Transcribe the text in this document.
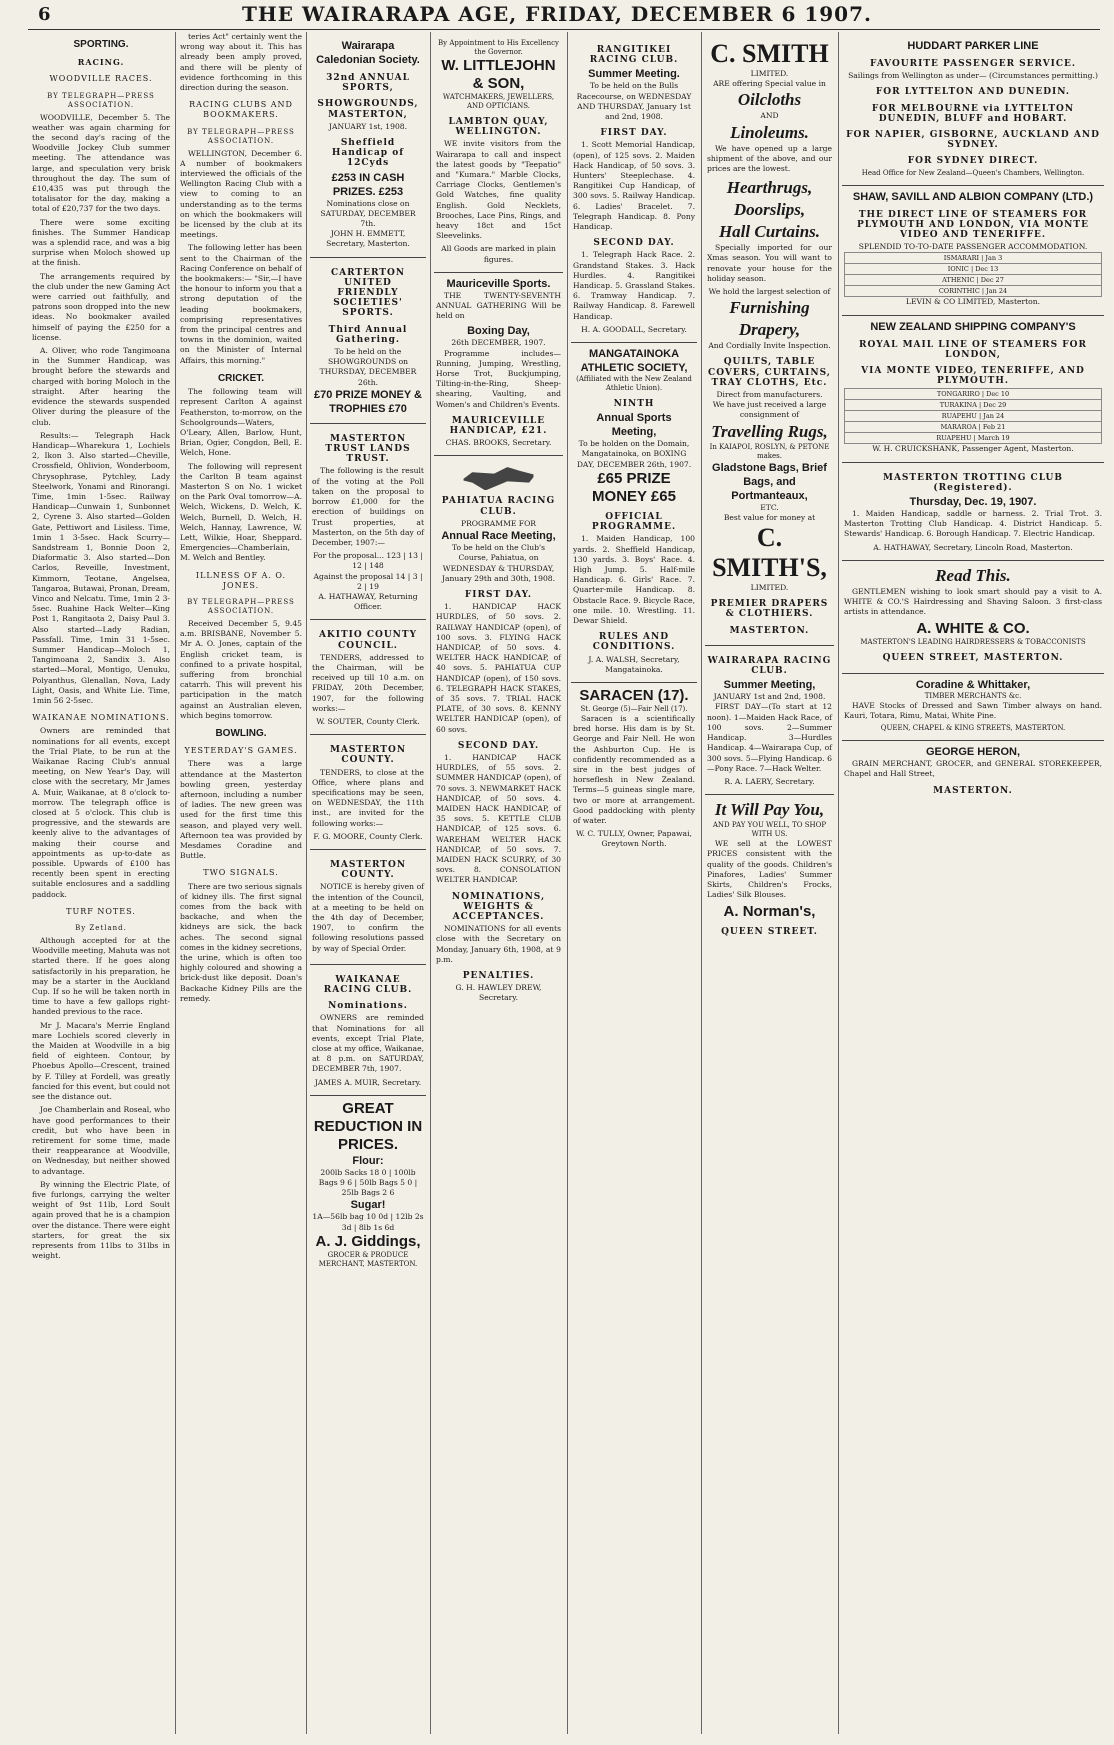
6	THE WAIRARAPA AGE, FRIDAY, DECEMBER 6 1907.
SPORTING.
RACING.
WOODVILLE RACES.
BY TELEGRAPH—PRESS ASSOCIATION.

WOODVILLE, December 5. The weather was again charming for the second day's racing of the Woodville Jockey Club summer meeting. The attendance was large, and speculation very brisk throughout the day. The sum of £10,435 was put through the totalisator for the day, making a total of £20,737 for the two days.

There were some exciting finishes. The Summer Handicap was a splendid race, and was a big surprise when Moloch showed up at the finish.

The arrangements required by the club under the new Gaming Act were carried out faithfully, and patrons soon dropped into the new ideas. No bookmaker availed himself of paying the £250 for a license.

A. Oliver, who rode Tangimoana in the Summer Handicap, was brought before the stewards and charged with boring Moloch in the straight. After hearing the evidence the stewards suspended Oliver during the pleasure of the club.

Results:— Telegraph Hack Handicap—Wharekura 1, Lochiels 2, Ikon 3. Also started—Cheville, Crossfield, Ohlivion, Wonderboom, Chrysophrase, Pytchley, Lady Steelwork, Yonami and Rinorangi. Time, 1min 1-5sec. Railway Handicap—Cunwain 1, Sunbonnet 2, Cyrene 3. Also started—Golden Gate, Pettiwort and Lisiless. Time, 1min 1 3-5sec. Hack Scurry—Sandstream 1, Bonnie Doon 2, Diaformatic 3. Also started—Don Carlos, Reveille, Investment, Kimmorn, Teotane, Angelsea, Tangaroa, Butawai, Pronan, Dream, Vinco and Nelcatu. Time, 1min 2 3-5sec. Ruahine Hack Welter—King Post 1, Rangitaota 2, Daisy Paul 3. Also started—Lady Radian, Passfall. Time, 1min 31 1-5sec. Summer Handicap—Moloch 1, Tangimoana 2, Sandix 3. Also started—Moral, Montigo, Uenuku, Polyanthus, Glenallan, Nova, Lady Light, Oasis, and White Lie. Time, 1min 56 2-5sec.

WAIKANAE NOMINATIONS.

Owners are reminded that nominations for all events, except the Trial Plate, to be run at the Waikanae Racing Club's annual meeting, on New Year's Day, will close with the secretary, Mr James A. Muir, Waikanae, at 8 o'clock to-morrow. The telegraph office is closed at 5 o'clock. This club is progressive, and the stewards are keenly alive to the advantages of making their course and appointments as up-to-date as possible. Upwards of £100 has recently been spent in erecting suitable enclosures and a saddling paddock.

TURF NOTES.
By Zetland.

Although accepted for at the Woodville meeting, Mahuta was not started there. If he goes along satisfactorily in his preparation, he may be a starter in the Auckland Cup. If so he will be taken north in time to have a few gallops right-handed previous to the race.

Mr J. Macara's Merrie England mare Lochiels scored cleverly in the Maiden at Woodville in a big field of eighteen. Contour, by Phoebus Apollo—Crescent, trained by F. Tilley at Fordell, was greatly fancied for this event, but could not see the distance out.

Joe Chamberlain and Roseal, who have good performances to their credit, but who have been in retirement for some time, made their reappearance at Woodville, on Wednesday, but neither showed to advantage.

By winning the Electric Plate, of five furlongs, carrying the welter weight of 9st 11lb, Lord Soult again proved that he is a champion over the distance. There were eight starters, for great the six represents from 11lbs to 31lbs in weight.

teries Act" certainly went the wrong way about it. This has already been amply proved, and there will be plenty of evidence forthcoming in this direction during the season.

RACING CLUBS AND BOOKMAKERS.
BY TELEGRAPH—PRESS ASSOCIATION.

WELLINGTON, December 6. A number of bookmakers interviewed the officials of the Wellington Racing Club with a view to coming to an understanding as to the terms on which the bookmakers will be licensed by the club at its meetings.

The following letter has been sent to the Chairman of the Racing Conference on behalf of the bookmakers:— "Sir,—I have the honour to inform you that a strong deputation of the leading bookmakers, comprising representatives from the principal centres and towns in the dominion, waited on the Minister of Internal Affairs, this morning."

CRICKET.

The following team will represent Carlton A against Featherston, to-morrow, on the Schoolgrounds—Waters, O'Leary, Allen, Barlow, Hunt, Brian, Ogier, Congdon, Bell, E. Welch, Hone.

The following will represent the Carlton B team against Masterton S on No. 1 wicket on the Park Oval tomorrow—A. Welch, Wickens, D. Welch, K. Welch, Burnell, D. Welch, H. Welch, Hannay, Lawrence, W. Lett, Wilkie, Hoar, Sheppard. Emergencies—Chamberlain, M. Welch and Bentley.

ILLNESS OF A. O. JONES.
BY TELEGRAPH—PRESS ASSOCIATION.

Received December 5, 9.45 a.m. BRISBANE, November 5. Mr A. O. Jones, captain of the English cricket team, is confined to a private hospital, suffering from bronchial catarrh. This will prevent his participation in the match against an Australian eleven, which begins tomorrow.

BOWLING.
YESTERDAY'S GAMES.

There was a large attendance at the Masterton bowling green, yesterday afternoon, including a number of ladies. The new green was used for the first time this season, and played very well. Afternoon tea was provided by Mesdames Coradine and Buttle.

TWO SIGNALS.

There are two serious signals of kidney ills. The first signal comes from the back with backache, and when the kidneys are sick, the back aches. The second signal comes in the kidney secretions, the urine, which is often too highly coloured and showing a brick-dust like deposit. Doan's Backache Kidney Pills are the remedy.

Wairarapa Caledonian Society.
32nd ANNUAL SPORTS,
SHOWGROUNDS, MASTERTON,
JANUARY 1st, 1908.
Sheffield Handicap of 12Cyds
£253 IN CASH PRIZES. £253
Nominations close on SATURDAY, DECEMBER 7th.
JOHN H. EMMETT, Secretary, Masterton.
CARTERTON UNITED FRIENDLY SOCIETIES' SPORTS.
Third Annual Gathering.
To be held on the SHOWGROUNDS on THURSDAY, DECEMBER 26th.
£70 PRIZE MONEY & TROPHIES £70
MASTERTON TRUST LANDS TRUST.

The following is the result of the voting at the Poll taken on the proposal to borrow £1,000 for the erection of buildings on Trust properties, at Masterton, on the 5th day of December, 1907:—

For the proposal... 123 | 13 | 12 | 148
Against the proposal 14 | 3 | 2 | 19
A. HATHAWAY, Returning Officer.
AKITIO COUNTY COUNCIL.

TENDERS, addressed to the Chairman, will be received up till 10 a.m. on FRIDAY, 20th December, 1907, for the following works:—

W. SOUTER, County Clerk.
MASTERTON COUNTY.

TENDERS, to close at the Office, where plans and specifications may be seen, on WEDNESDAY, the 11th inst., are invited for the following works:—

F. G. MOORE, County Clerk.
MASTERTON COUNTY.

NOTICE is hereby given of the intention of the Council, at a meeting to be held on the 4th day of December, 1907, to confirm the following resolutions passed by way of Special Order.

WAIKANAE RACING CLUB.
Nominations.

OWNERS are reminded that Nominations for all events, except Trial Plate, close at my office, Waikanae, at 8 p.m. on SATURDAY, DECEMBER 7th, 1907.

JAMES A. MUIR, Secretary.
GREAT REDUCTION IN PRICES.
Flour:
200lb Sacks 18 0 | 100lb Bags 9 6 | 50lb Bags 5 0 | 25lb Bags 2 6
Sugar!
1A—56lb bag 10 0d | 12lb 2s 3d | 8lb 1s 6d
A. J. Giddings,
GROCER & PRODUCE MERCHANT, MASTERTON.
By Appointment to His Excellency the Governor.
W. LITTLEJOHN & SON,
WATCHMAKERS, JEWELLERS, AND OPTICIANS.
LAMBTON QUAY, WELLINGTON.

WE invite visitors from the Wairarapa to call and inspect the latest goods by "Teepatio" and "Kumara." Marble Clocks, Carriage Clocks, Gentlemen's Gold Watches, fine quality English. Gold Necklets, Brooches, Lace Pins, Rings, and heavy 18ct and 15ct Sleevelinks.

All Goods are marked in plain figures.
Mauriceville Sports.

THE TWENTY-SEVENTH ANNUAL GATHERING Will be held on

Boxing Day,
26th DECEMBER, 1907.

Programme includes— Running, Jumping, Wrestling, Horse Trot, Buckjumping, Tilting-in-the-Ring, Sheep-shearing, Vaulting, and Women's and Children's Events.

MAURICEVILLE HANDICAP, £21.
CHAS. BROOKS, Secretary.
PAHIATUA RACING CLUB.
PROGRAMME FOR
Annual Race Meeting,
To be held on the Club's Course, Pahiatua, on WEDNESDAY & THURSDAY, January 29th and 30th, 1908.
FIRST DAY.

1. HANDICAP HACK HURDLES, of 50 sovs. 2. RAILWAY HANDICAP (open), of 100 sovs. 3. FLYING HACK HANDICAP, of 50 sovs. 4. WELTER HACK HANDICAP, of 40 sovs. 5. PAHIATUA CUP HANDICAP (open), of 150 sovs. 6. TELEGRAPH HACK STAKES, of 35 sovs. 7. TRIAL HACK PLATE, of 30 sovs. 8. KENNY WELTER HANDICAP (open), of 60 sovs.

SECOND DAY.

1. HANDICAP HACK HURDLES, of 55 sovs. 2. SUMMER HANDICAP (open), of 70 sovs. 3. NEWMARKET HACK HANDICAP, of 50 sovs. 4. MAIDEN HACK HANDICAP, of 35 sovs. 5. KETTLE CLUB HANDICAP, of 125 sovs. 6. WAREHAM WELTER HACK HANDICAP, of 50 sovs. 7. MAIDEN HACK SCURRY, of 30 sovs. 8. CONSOLATION WELTER HANDICAP.

NOMINATIONS, WEIGHTS & ACCEPTANCES.

NOMINATIONS for all events close with the Secretary on Monday, January 6th, 1908, at 9 p.m.

PENALTIES.
G. H. HAWLEY DREW, Secretary.
RANGITIKEI RACING CLUB.
Summer Meeting.
To be held on the Bulls Racecourse, on WEDNESDAY AND THURSDAY, January 1st and 2nd, 1908.
FIRST DAY.

1. Scott Memorial Handicap, (open), of 125 sovs. 2. Maiden Hack Handicap, of 50 sovs. 3. Hunters' Steeplechase. 4. Rangitikei Cup Handicap, of 300 sovs. 5. Railway Handicap. 6. Ladies' Bracelet. 7. Telegraph Handicap. 8. Pony Handicap.

SECOND DAY.

1. Telegraph Hack Race. 2. Grandstand Stakes. 3. Hack Hurdles. 4. Rangitikei Handicap. 5. Grassland Stakes. 6. Tramway Handicap. 7. Railway Handicap. 8. Farewell Handicap.

H. A. GOODALL, Secretary.
MANGATAINOKA ATHLETIC SOCIETY,
(Affiliated with the New Zealand Athletic Union).
NINTH
Annual Sports Meeting,
To be holden on the Domain, Mangatainoka, on BOXING DAY, DECEMBER 26th, 1907.
£65 PRIZE MONEY £65
OFFICIAL PROGRAMME.

1. Maiden Handicap, 100 yards. 2. Sheffield Handicap, 130 yards. 3. Boys' Race. 4. High Jump. 5. Half-mile Handicap. 6. Girls' Race. 7. Quarter-mile Handicap. 8. Obstacle Race. 9. Bicycle Race, one mile. 10. Wrestling. 11. Dewar Shield.

RULES AND CONDITIONS.
J. A. WALSH, Secretary, Mangatainoka.
SARACEN (17).
St. George (5)—Fair Nell (17).

Saracen is a scientifically bred horse. His dam is by St. George and Fair Nell. He won the Ashburton Cup. He is confidently recommended as a sire in the best judges of horseflesh in New Zealand. Terms—5 guineas single mare, two or more at arrangement. Good paddocking with plenty of water.

W. C. TULLY, Owner, Papawai, Greytown North.
C. SMITH
LIMITED.
ARE offering Special value in
Oilcloths
AND
Linoleums.

We have opened up a large shipment of the above, and our prices are the lowest.

Hearthrugs,
Doorslips,
Hall Curtains.

Specially imported for our Xmas season. You will want to renovate your house for the holiday season.

We hold the largest selection of
Furnishing
Drapery,
And Cordially Invite Inspection.
QUILTS, TABLE COVERS, CURTAINS, TRAY CLOTHS, Etc.
Direct from manufacturers.
We have just received a large consignment of
Travelling Rugs,
In KAIAPOI, ROSLYN, & PETONE makes.
Gladstone Bags, Brief Bags, and Portmanteaux,
ETC.
Best value for money at
C. SMITH'S,
LIMITED.
PREMIER DRAPERS & CLOTHIERS.
MASTERTON.
WAIRARAPA RACING CLUB.
Summer Meeting,
JANUARY 1st and 2nd, 1908.

FIRST DAY—(To start at 12 noon). 1—Maiden Hack Race, of 100 sovs. 2—Summer Handicap. 3—Hurdles Handicap. 4—Wairarapa Cup, of 300 sovs. 5—Flying Handicap. 6—Pony Race. 7—Hack Welter.

R. A. LAERY, Secretary.
It Will Pay You,
AND PAY YOU WELL, TO SHOP WITH US.

WE sell at the LOWEST PRICES consistent with the quality of the goods. Children's Pinafores, Ladies' Summer Skirts, Children's Frocks, Ladies' Silk Blouses.

A. Norman's,
QUEEN STREET.
HUDDART PARKER LINE
FAVOURITE PASSENGER SERVICE.
Sailings from Wellington as under— (Circumstances permitting.)
FOR LYTTELTON AND DUNEDIN.
FOR MELBOURNE via LYTTELTON DUNEDIN, BLUFF and HOBART.
FOR NAPIER, GISBORNE, AUCKLAND AND SYDNEY.
FOR SYDNEY DIRECT.
Head Office for New Zealand—Queen's Chambers, Wellington.
SHAW, SAVILL AND ALBION COMPANY (LTD.)
THE DIRECT LINE OF STEAMERS FOR PLYMOUTH AND LONDON, VIA MONTE VIDEO AND TENERIFFE.
SPLENDID TO-TO-DATE PASSENGER ACCOMMODATION.
ISMARARI | Jan 3
IONIC | Dec 13
ATHENIC | Dec 27
CORINTHIC | Jan 24
LEVIN & CO LIMITED, Masterton.
NEW ZEALAND SHIPPING COMPANY'S
ROYAL MAIL LINE OF STEAMERS FOR LONDON,
VIA MONTE VIDEO, TENERIFFE, AND PLYMOUTH.
TONGARIRO | Dec 10
TURAKINA | Dec 29
RUAPEHU | Jan 24
MARAROA | Feb 21
RUAPEHU | March 19
W. H. CRUICKSHANK, Passenger Agent, Masterton.
MASTERTON TROTTING CLUB (Registered).
Thursday, Dec. 19, 1907.

1. Maiden Handicap, saddle or harness. 2. Trial Trot. 3. Masterton Trotting Club Handicap. 4. District Handicap. 5. Stewards' Handicap. 6. Borough Handicap. 7. Electric Handicap.

A. HATHAWAY, Secretary, Lincoln Road, Masterton.
Read This.

GENTLEMEN wishing to look smart should pay a visit to A. WHITE & CO.'S Hairdressing and Shaving Saloon. 3 first-class artists in attendance.

A. WHITE & CO.
MASTERTON'S LEADING HAIRDRESSERS & TOBACCONISTS
QUEEN STREET, MASTERTON.
Coradine & Whittaker,
TIMBER MERCHANTS &c.

HAVE Stocks of Dressed and Sawn Timber always on hand. Kauri, Totara, Rimu, Matai, White Pine.

QUEEN, CHAPEL & KING STREETS, MASTERTON.
GEORGE HERON,

GRAIN MERCHANT, GROCER, and GENERAL STOREKEEPER, Chapel and Hall Street,

MASTERTON.
